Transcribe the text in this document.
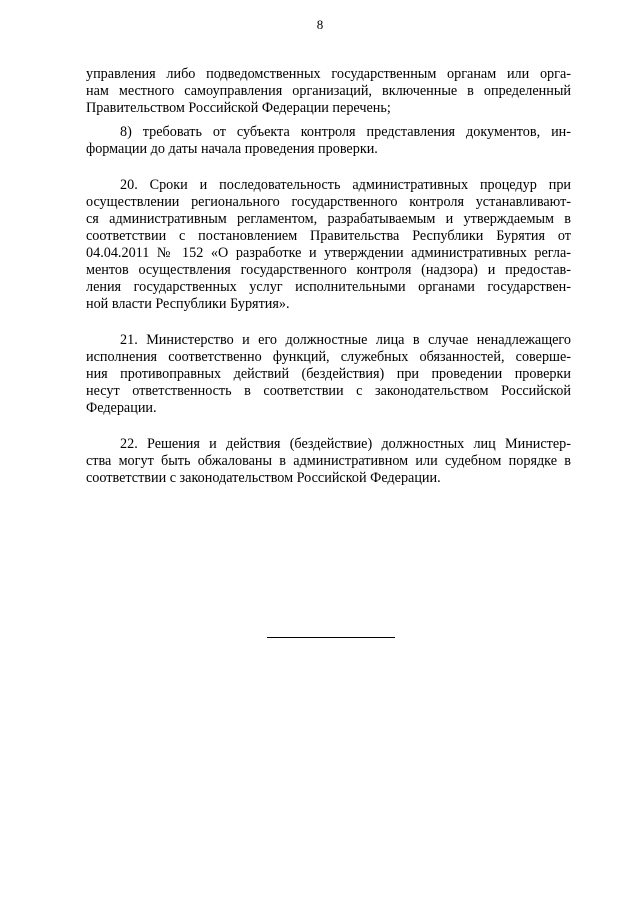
8
управления либо подведомственных государственным органам или орга-
нам местного самоуправления организаций, включенные в определенный
Правительством Российской Федерации перечень;
8) требовать от субъекта контроля представления документов, ин-
формации до даты начала проведения проверки.
20. Сроки и последовательность административных процедур при
осуществлении регионального государственного контроля устанавливают-
ся административным регламентом, разрабатываемым и утверждаемым в
соответствии с постановлением Правительства Республики Бурятия от
04.04.2011 № 152 «О разработке и утверждении административных регла-
ментов осуществления государственного контроля (надзора) и предостав-
ления государственных услуг исполнительными органами государствен-
ной власти Республики Бурятия».
21. Министерство и его должностные лица в случае ненадлежащего
исполнения соответственно функций, служебных обязанностей, соверше-
ния противоправных действий (бездействия) при проведении проверки
несут ответственность в соответствии с законодательством Российской
Федерации.
22. Решения и действия (бездействие) должностных лиц Министер-
ства могут быть обжалованы в административном или судебном порядке в
соответствии с законодательством Российской Федерации.
